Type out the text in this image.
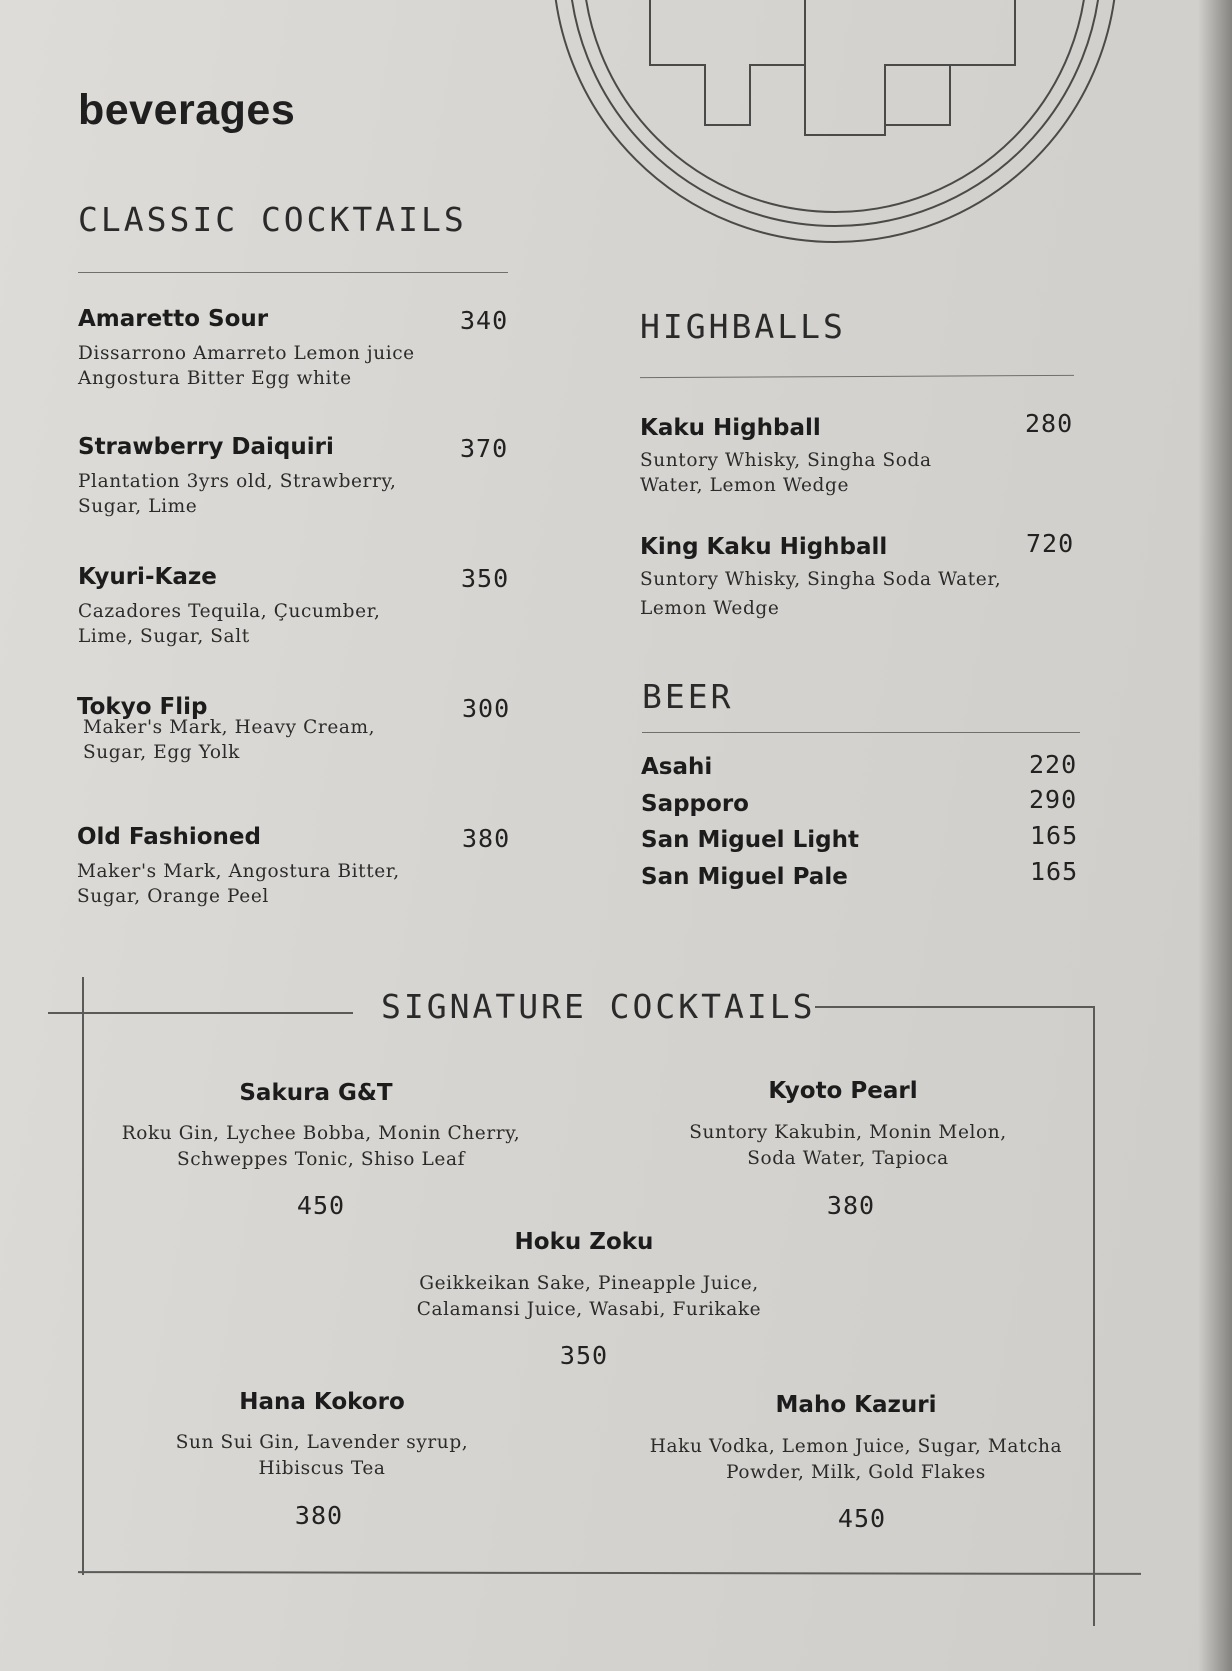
beverages
CLASSIC COCKTAILS
Amaretto Sour	340
Dissarrono Amarreto Lemon juice
Angostura Bitter Egg white
Strawberry Daiquiri	370
Plantation 3yrs old, Strawberry,
Sugar, Lime
Kyuri-Kaze	350
Cazadores Tequila, Çucumber,
Lime, Sugar, Salt
Tokyo Flip	300
Maker's Mark, Heavy Cream,
Sugar, Egg Yolk
Old Fashioned	380
Maker's Mark, Angostura Bitter,
Sugar, Orange Peel
HIGHBALLS
Kaku Highball	280
Suntory Whisky, Singha Soda
Water, Lemon Wedge
King Kaku Highball	720
Suntory Whisky, Singha Soda Water,
Lemon Wedge
BEER
Asahi	220
Sapporo	290
San Miguel Light	165
San Miguel Pale	165
SIGNATURE COCKTAILS
Sakura G&T
Roku Gin, Lychee Bobba, Monin Cherry,
Schweppes Tonic, Shiso Leaf
450
Kyoto Pearl
Suntory Kakubin, Monin Melon,
Soda Water, Tapioca
380
Hoku Zoku
Geikkeikan Sake, Pineapple Juice,
Calamansi Juice, Wasabi, Furikake
350
Hana Kokoro
Sun Sui Gin, Lavender syrup,
Hibiscus Tea
380
Maho Kazuri
Haku Vodka, Lemon Juice, Sugar, Matcha
Powder, Milk, Gold Flakes
450
